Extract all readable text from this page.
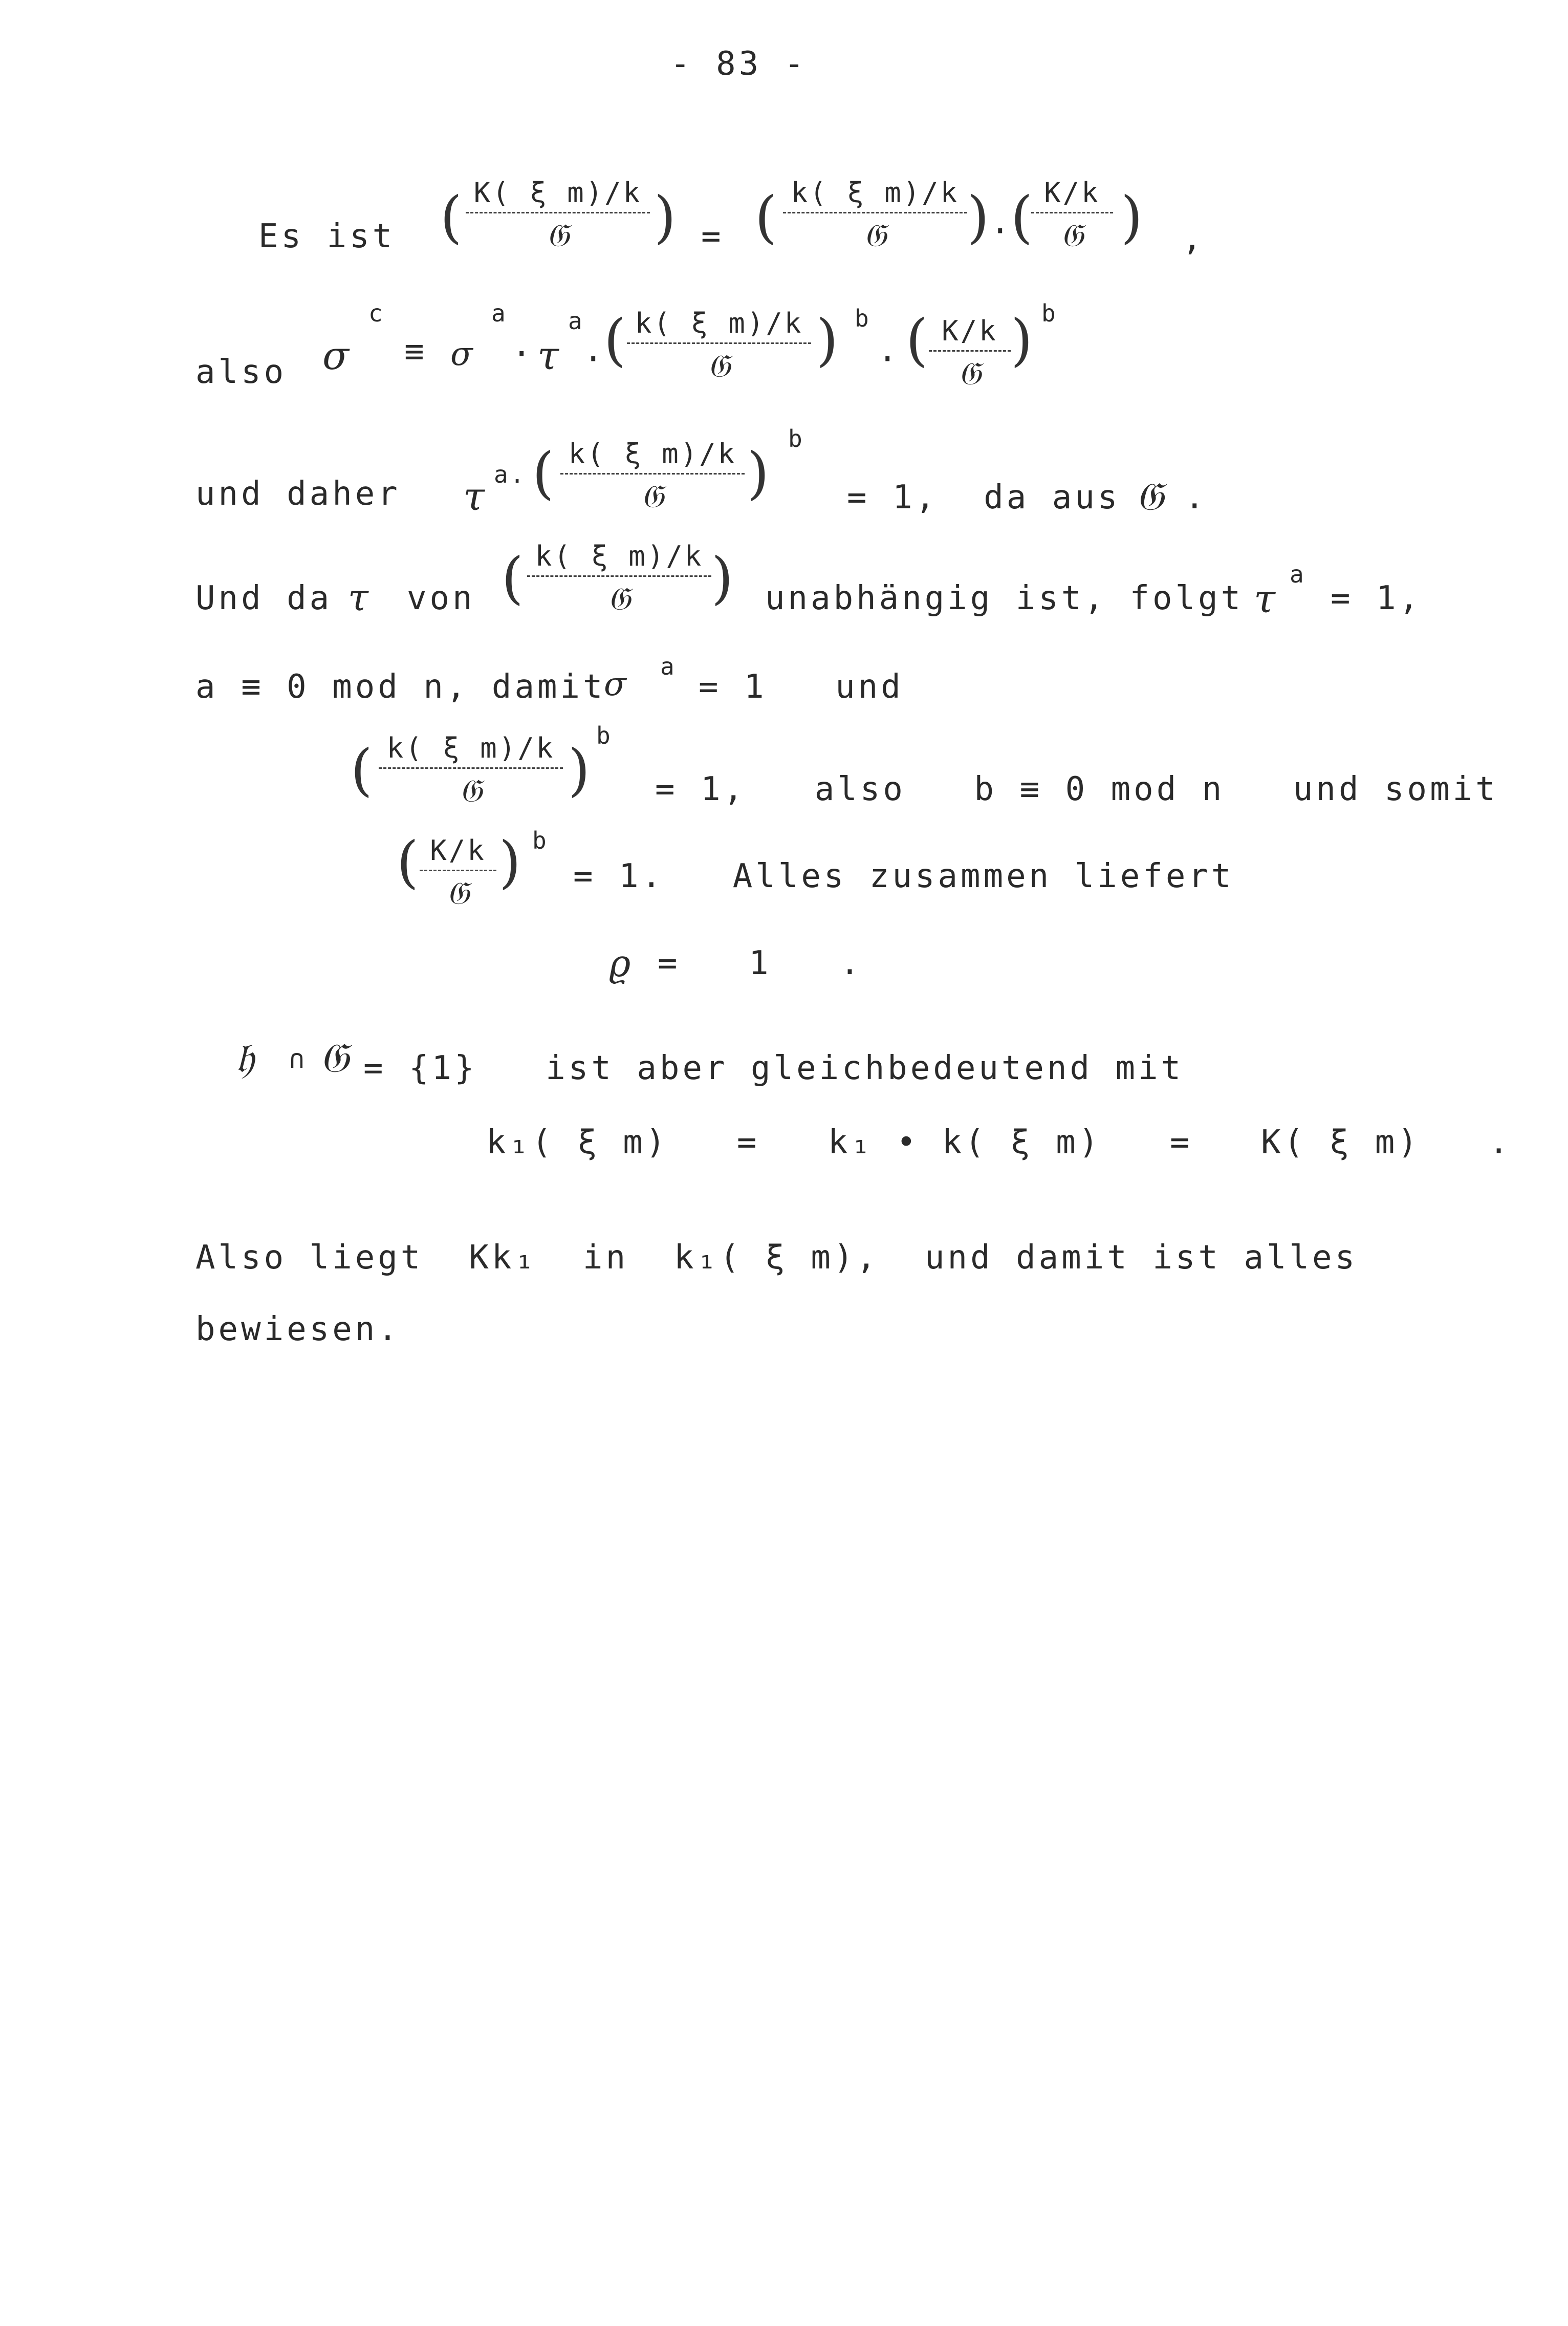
- 83 -
Es ist ( K( ξ m)/k
𝔊	) = ( k( ξ m)/k
𝔊	) ·
( K/k
𝔊 ) ,
also σ
c
≡ σ
a
· τ
a
·
( k( ξ m)/k
𝔊	) b
· ( K/k
𝔊
) b
und daher τ a. ( k( ξ m)/k
𝔊	)
b
= 1,  da aus 𝔊 .
Und da τ von ( k( ξ m)/k
𝔊	) unabhängig ist, folgt τ
a
= 1,
a ≡ 0 mod n, damit
σ a
= 1   und
( k( ξ m)/k
𝔊	)
b
= 1,   also   b ≡ 0 mod n   und somit
( K/k
𝔊 ) b
= 1.   Alles zusammen liefert
ϱ =   1   .
𝔥 ∩ 𝔊 = {1}   ist aber gleichbedeutend mit
k₁( ξ m)   =   k₁ • k( ξ m)   =   K( ξ m)   .
Also liegt  Kk₁  in  k₁( ξ m),  und damit ist alles
bewiesen.
